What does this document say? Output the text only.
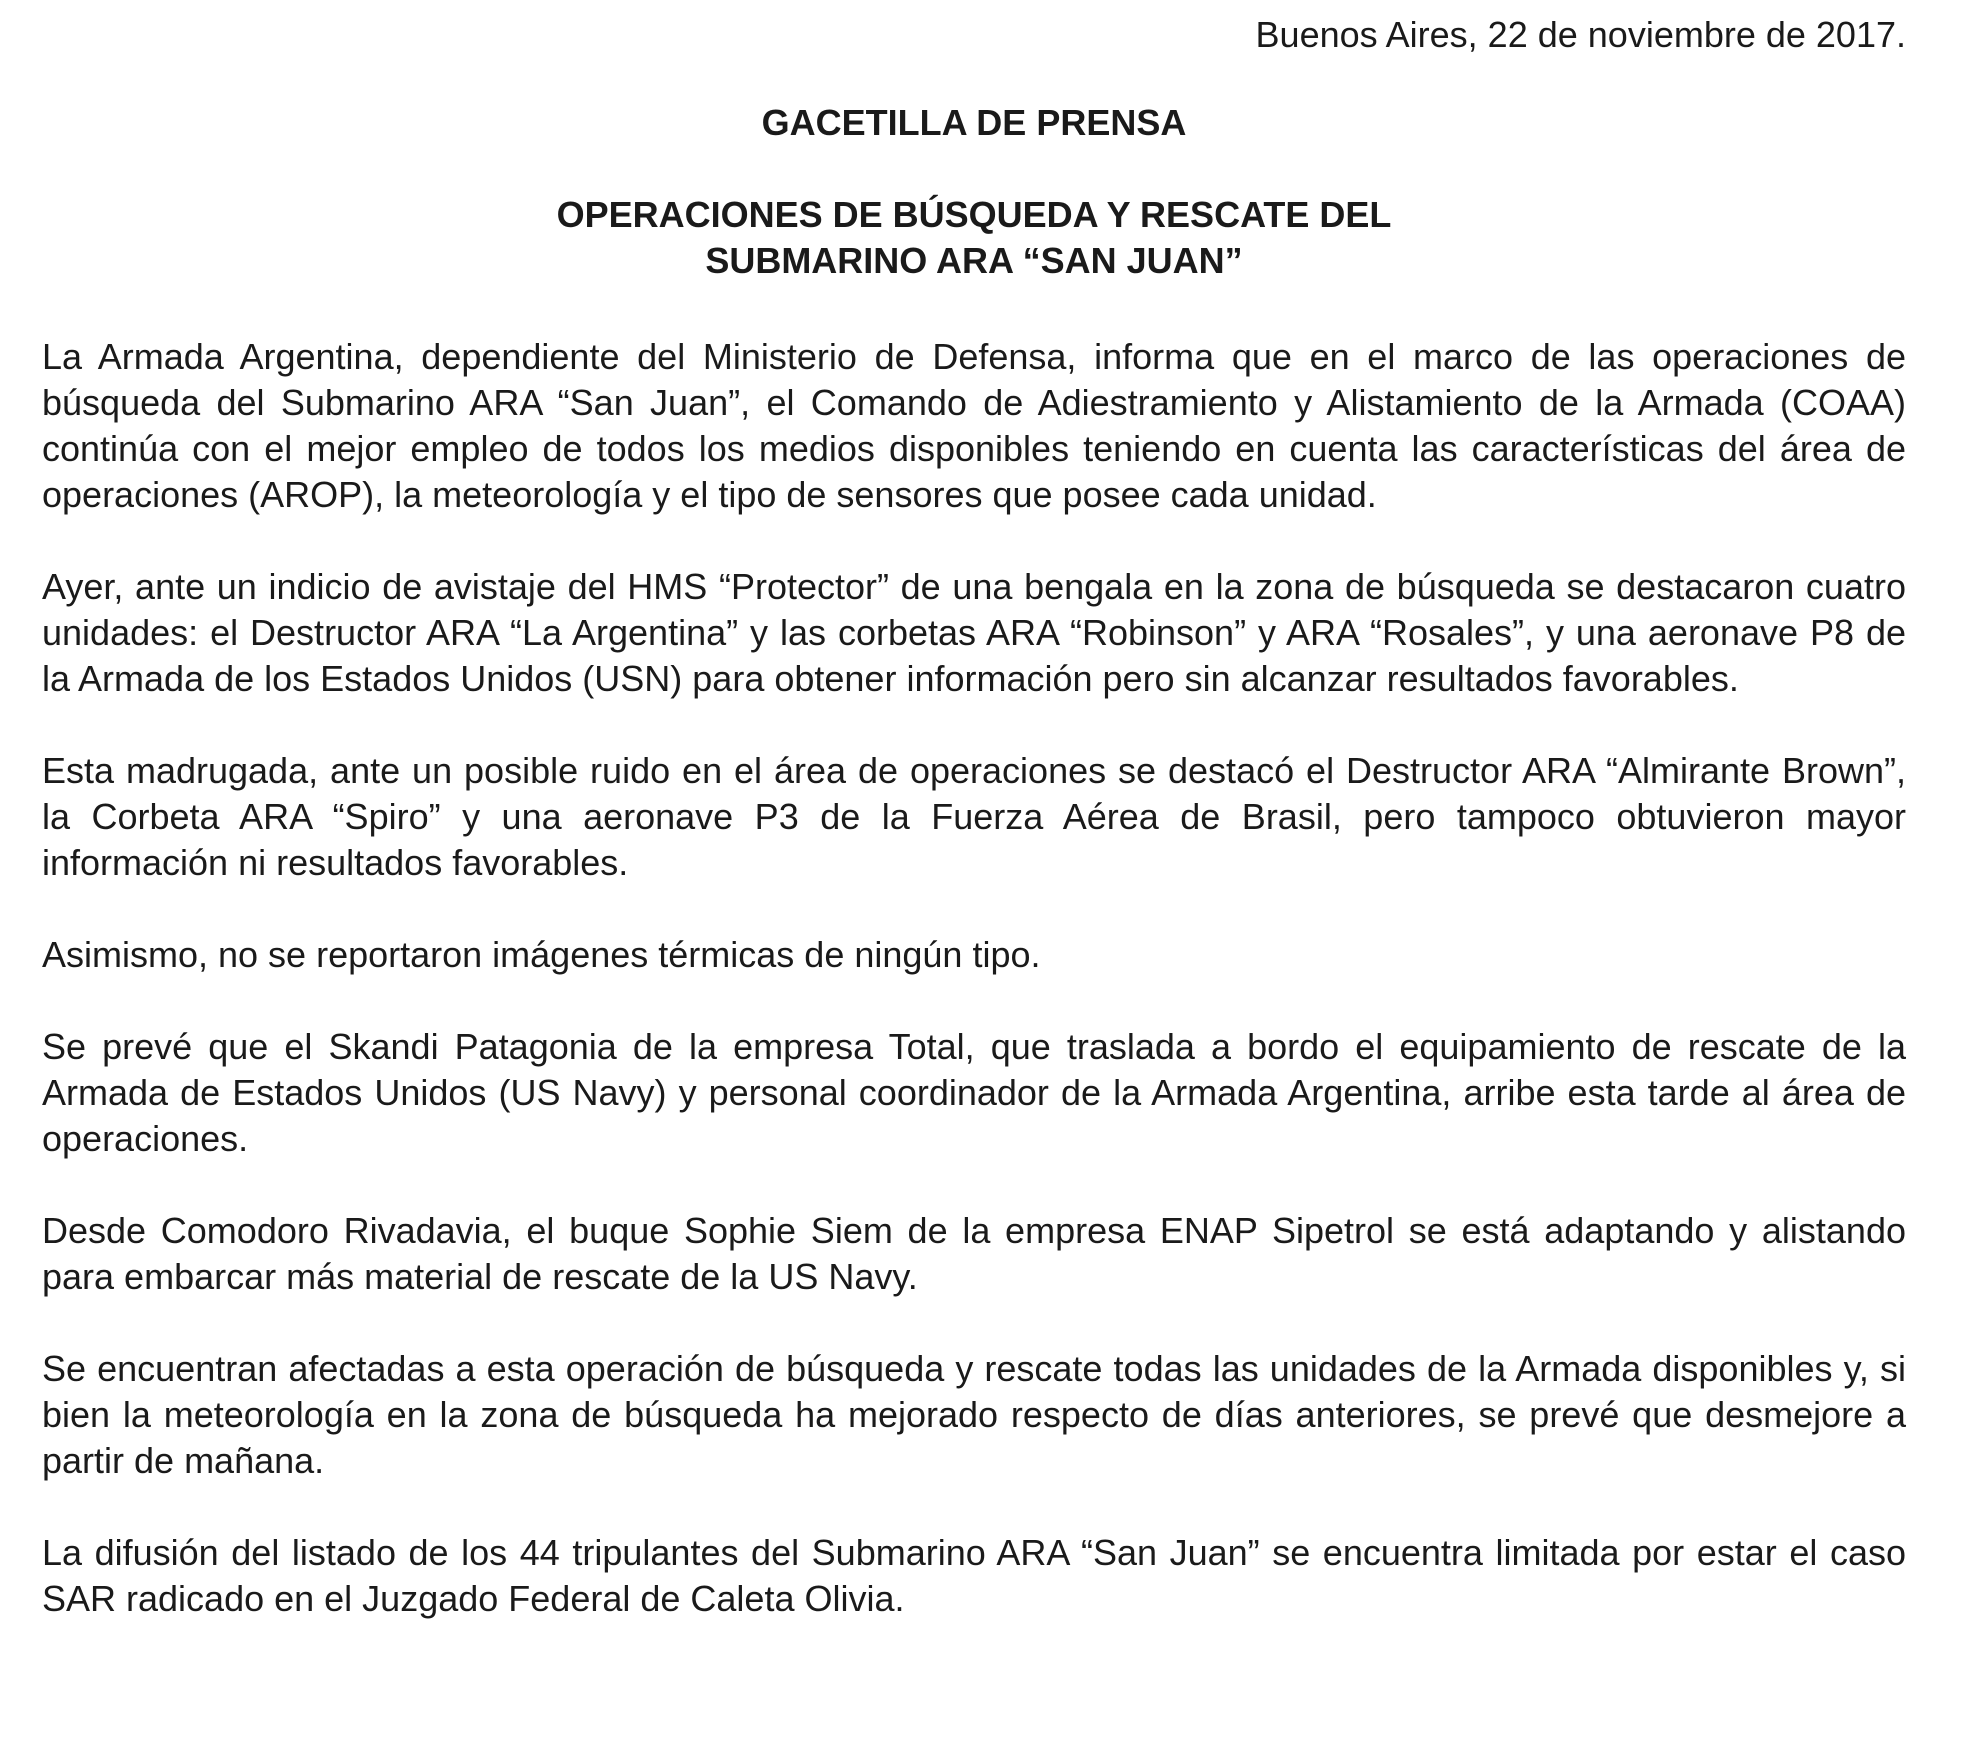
Buenos Aires, 22 de noviembre de 2017.
GACETILLA DE PRENSA
OPERACIONES DE BÚSQUEDA Y RESCATE DEL
SUBMARINO ARA “SAN JUAN”

La Armada Argentina, dependiente del Ministerio de Defensa, informa que en el marco de las operaciones de búsqueda del Submarino ARA “San Juan”, el Comando de Adiestramiento y Alistamiento de la Armada (COAA) continúa con el mejor empleo de todos los medios disponibles teniendo en cuenta las características del área de operaciones (AROP), la meteorología y el tipo de sensores que posee cada unidad.

Ayer, ante un indicio de avistaje del HMS “Protector” de una bengala en la zona de búsqueda se destacaron cuatro unidades: el Destructor ARA “La Argentina” y las corbetas ARA “Robinson” y ARA “Rosales”, y una aeronave P8 de la Armada de los Estados Unidos (USN) para obtener información pero sin alcanzar resultados favorables.

Esta madrugada, ante un posible ruido en el área de operaciones se destacó el Destructor ARA “Almirante Brown”, la Corbeta ARA “Spiro” y una aeronave P3 de la Fuerza Aérea de Brasil, pero tampoco obtuvieron mayor información ni resultados favorables.

Asimismo, no se reportaron imágenes térmicas de ningún tipo.

Se prevé que el Skandi Patagonia de la empresa Total, que traslada a bordo el equipamiento de rescate de la Armada de Estados Unidos (US Navy) y personal coordinador de la Armada Argentina, arribe esta tarde al área de operaciones.

Desde Comodoro Rivadavia, el buque Sophie Siem de la empresa ENAP Sipetrol se está adaptando y alistando para embarcar más material de rescate de la US Navy.

Se encuentran afectadas a esta operación de búsqueda y rescate todas las unidades de la Armada disponibles y, si bien la meteorología en la zona de búsqueda ha mejorado respecto de días anteriores, se prevé que desmejore a partir de mañana.

La difusión del listado de los 44 tripulantes del Submarino ARA “San Juan” se encuentra limitada por estar el caso SAR radicado en el Juzgado Federal de Caleta Olivia.
